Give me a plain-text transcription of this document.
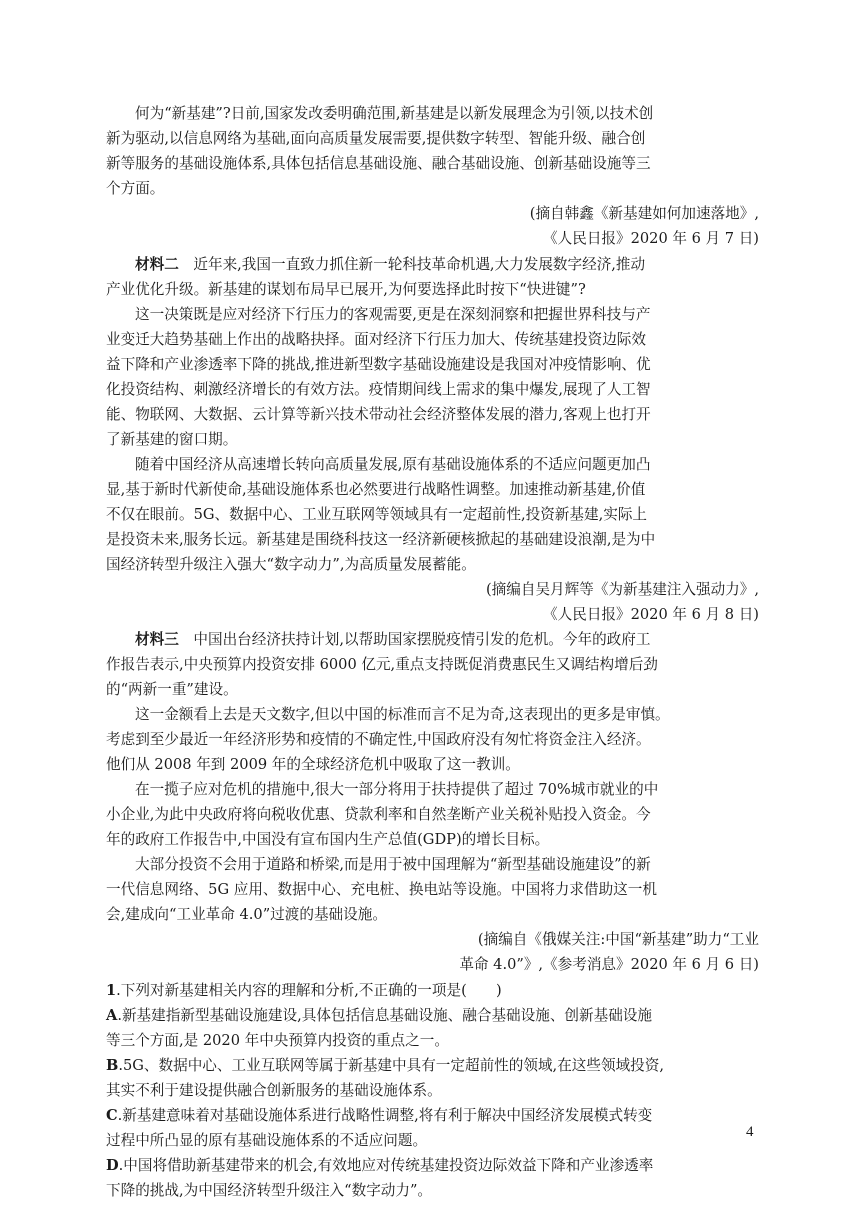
4
何为“新基建”?日前,国家发改委明确范围,新基建是以新发展理念为引领,以技术创
新为驱动,以信息网络为基础,面向高质量发展需要,提供数字转型、智能升级、融合创
新等服务的基础设施体系,具体包括信息基础设施、融合基础设施、创新基础设施等三
个方面。
(摘自韩鑫《新基建如何加速落地》,
《人民日报》2020 年 6 月 7 日)
材料二　近年来,我国一直致力抓住新一轮科技革命机遇,大力发展数字经济,推动
产业优化升级。新基建的谋划布局早已展开,为何要选择此时按下“快进键”?
这一决策既是应对经济下行压力的客观需要,更是在深刻洞察和把握世界科技与产
业变迁大趋势基础上作出的战略抉择。面对经济下行压力加大、传统基建投资边际效
益下降和产业渗透率下降的挑战,推进新型数字基础设施建设是我国对冲疫情影响、优
化投资结构、刺激经济增长的有效方法。疫情期间线上需求的集中爆发,展现了人工智
能、物联网、大数据、云计算等新兴技术带动社会经济整体发展的潜力,客观上也打开
了新基建的窗口期。
随着中国经济从高速增长转向高质量发展,原有基础设施体系的不适应问题更加凸
显,基于新时代新使命,基础设施体系也必然要进行战略性调整。加速推动新基建,价值
不仅在眼前。5G、数据中心、工业互联网等领域具有一定超前性,投资新基建,实际上
是投资未来,服务长远。新基建是围绕科技这一经济新硬核掀起的基础建设浪潮,是为中
国经济转型升级注入强大“数字动力”,为高质量发展蓄能。
(摘编自吴月辉等《为新基建注入强动力》,
《人民日报》2020 年 6 月 8 日)
材料三　中国出台经济扶持计划,以帮助国家摆脱疫情引发的危机。今年的政府工
作报告表示,中央预算内投资安排 6000 亿元,重点支持既促消费惠民生又调结构增后劲
的“两新一重”建设。
这一金额看上去是天文数字,但以中国的标准而言不足为奇,这表现出的更多是审慎。
考虑到至少最近一年经济形势和疫情的不确定性,中国政府没有匆忙将资金注入经济。
他们从 2008 年到 2009 年的全球经济危机中吸取了这一教训。
在一揽子应对危机的措施中,很大一部分将用于扶持提供了超过 70%城市就业的中
小企业,为此中央政府将向税收优惠、贷款利率和自然垄断产业关税补贴投入资金。今
年的政府工作报告中,中国没有宣布国内生产总值(GDP)的增长目标。
大部分投资不会用于道路和桥梁,而是用于被中国理解为“新型基础设施建设”的新
一代信息网络、5G 应用、数据中心、充电桩、换电站等设施。中国将力求借助这一机
会,建成向“工业革命 4.0”过渡的基础设施。
(摘编自《俄媒关注:中国“新基建”助力“工业
革命 4.0”》,《参考消息》2020 年 6 月 6 日)
1.下列对新基建相关内容的理解和分析,不正确的一项是(　　)
A.新基建指新型基础设施建设,具体包括信息基础设施、融合基础设施、创新基础设施
等三个方面,是 2020 年中央预算内投资的重点之一。
B.5G、数据中心、工业互联网等属于新基建中具有一定超前性的领域,在这些领域投资,
其实不利于建设提供融合创新服务的基础设施体系。
C.新基建意味着对基础设施体系进行战略性调整,将有利于解决中国经济发展模式转变
过程中所凸显的原有基础设施体系的不适应问题。
D.中国将借助新基建带来的机会,有效地应对传统基建投资边际效益下降和产业渗透率
下降的挑战,为中国经济转型升级注入“数字动力”。
